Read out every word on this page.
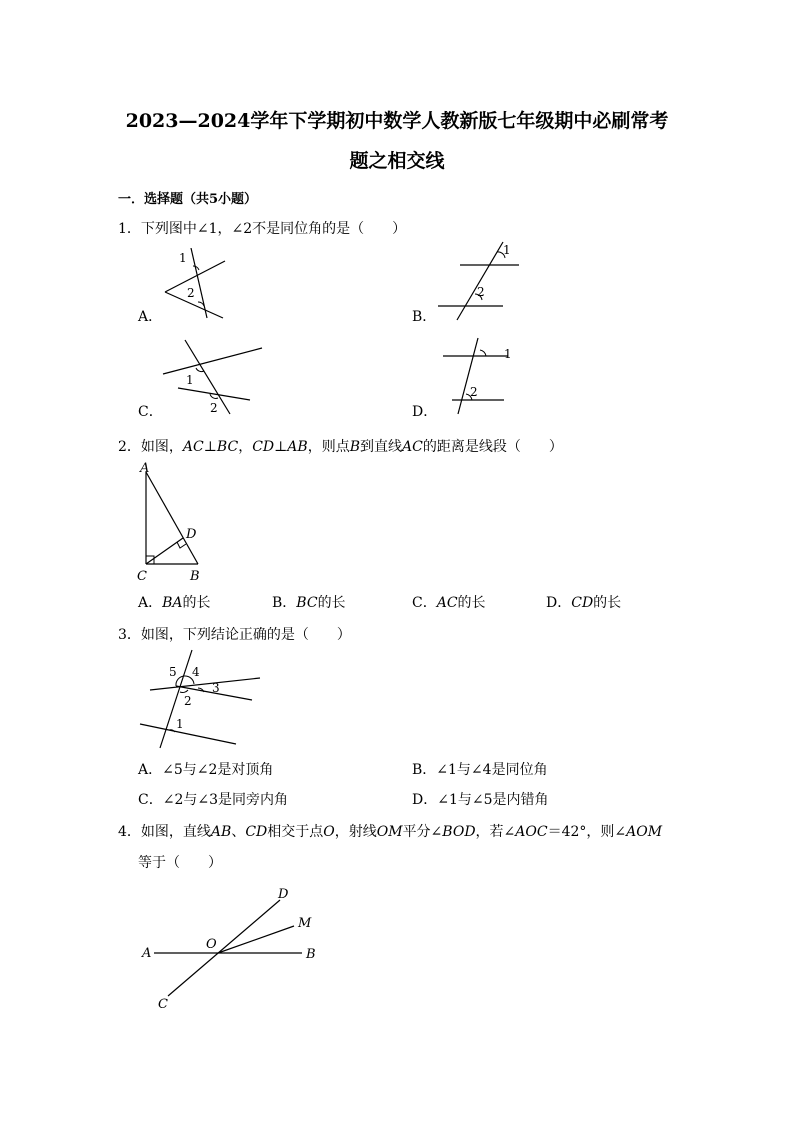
2023—2024学年下学期初中数学人教新版七年级期中必刷常考
题之相交线
一．选择题（共5小题）
1．下列图中∠1，∠2不是同位角的是（　　）
1
2
A．
1
2
B．
1
2
C．
1
2
D．
2．如图，AC⊥BC，CD⊥AB，则点B到直线AC的距离是线段（　　）
A
D
C	B
A．BA的长	B．BC的长	C．AC的长	D．CD的长
3．如图，下列结论正确的是（　　）
5 4
3
2
1
A．∠5与∠2是对顶角	B．∠1与∠4是同位角
C．∠2与∠3是同旁内角	D．∠1与∠5是内错角
4．如图，直线AB、CD相交于点O，射线OM平分∠BOD，若∠AOC＝42°，则∠AOM
等于（　　）
A	B
C
D
O
M
